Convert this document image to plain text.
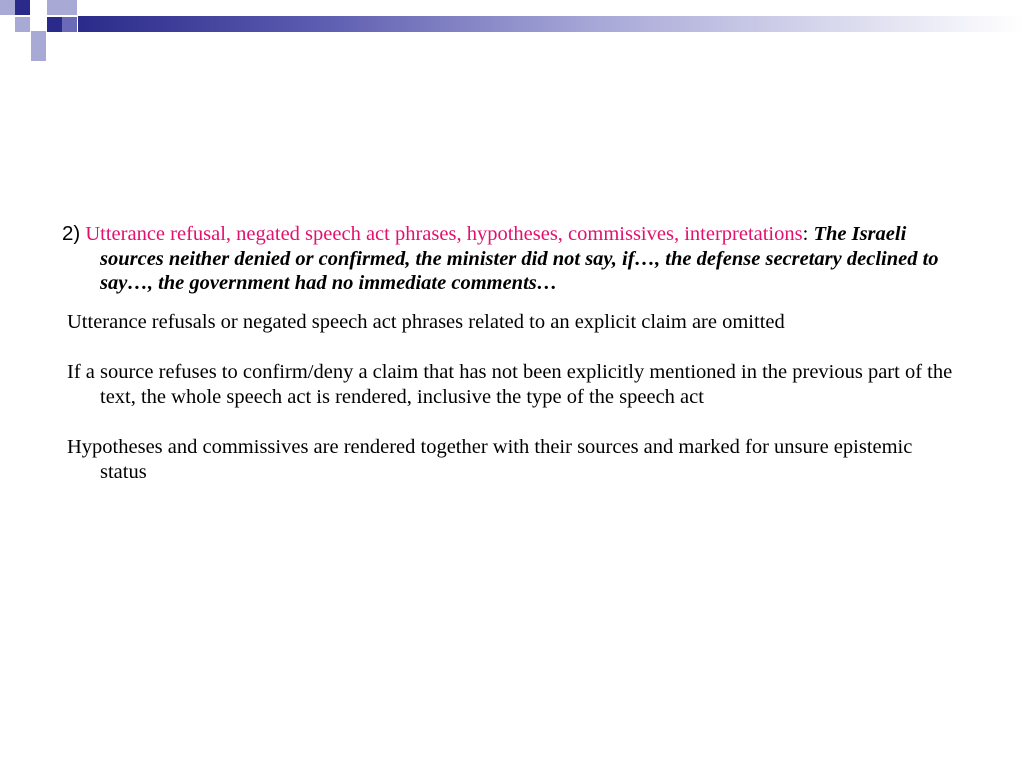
2) Utterance refusal, negated speech act phrases, hypotheses, commissives, interpretations: The Israeli sources neither denied or confirmed, the minister did not say, if…, the defense secretary declined to say…, the government had no immediate comments…

Utterance refusals or negated speech act phrases related to an explicit claim are omitted

If a source refuses to confirm/deny a claim that has not been explicitly mentioned in the previous part of the text, the whole speech act is rendered, inclusive the type of the speech act

Hypotheses and commissives are rendered together with their sources and marked for unsure epistemic status
